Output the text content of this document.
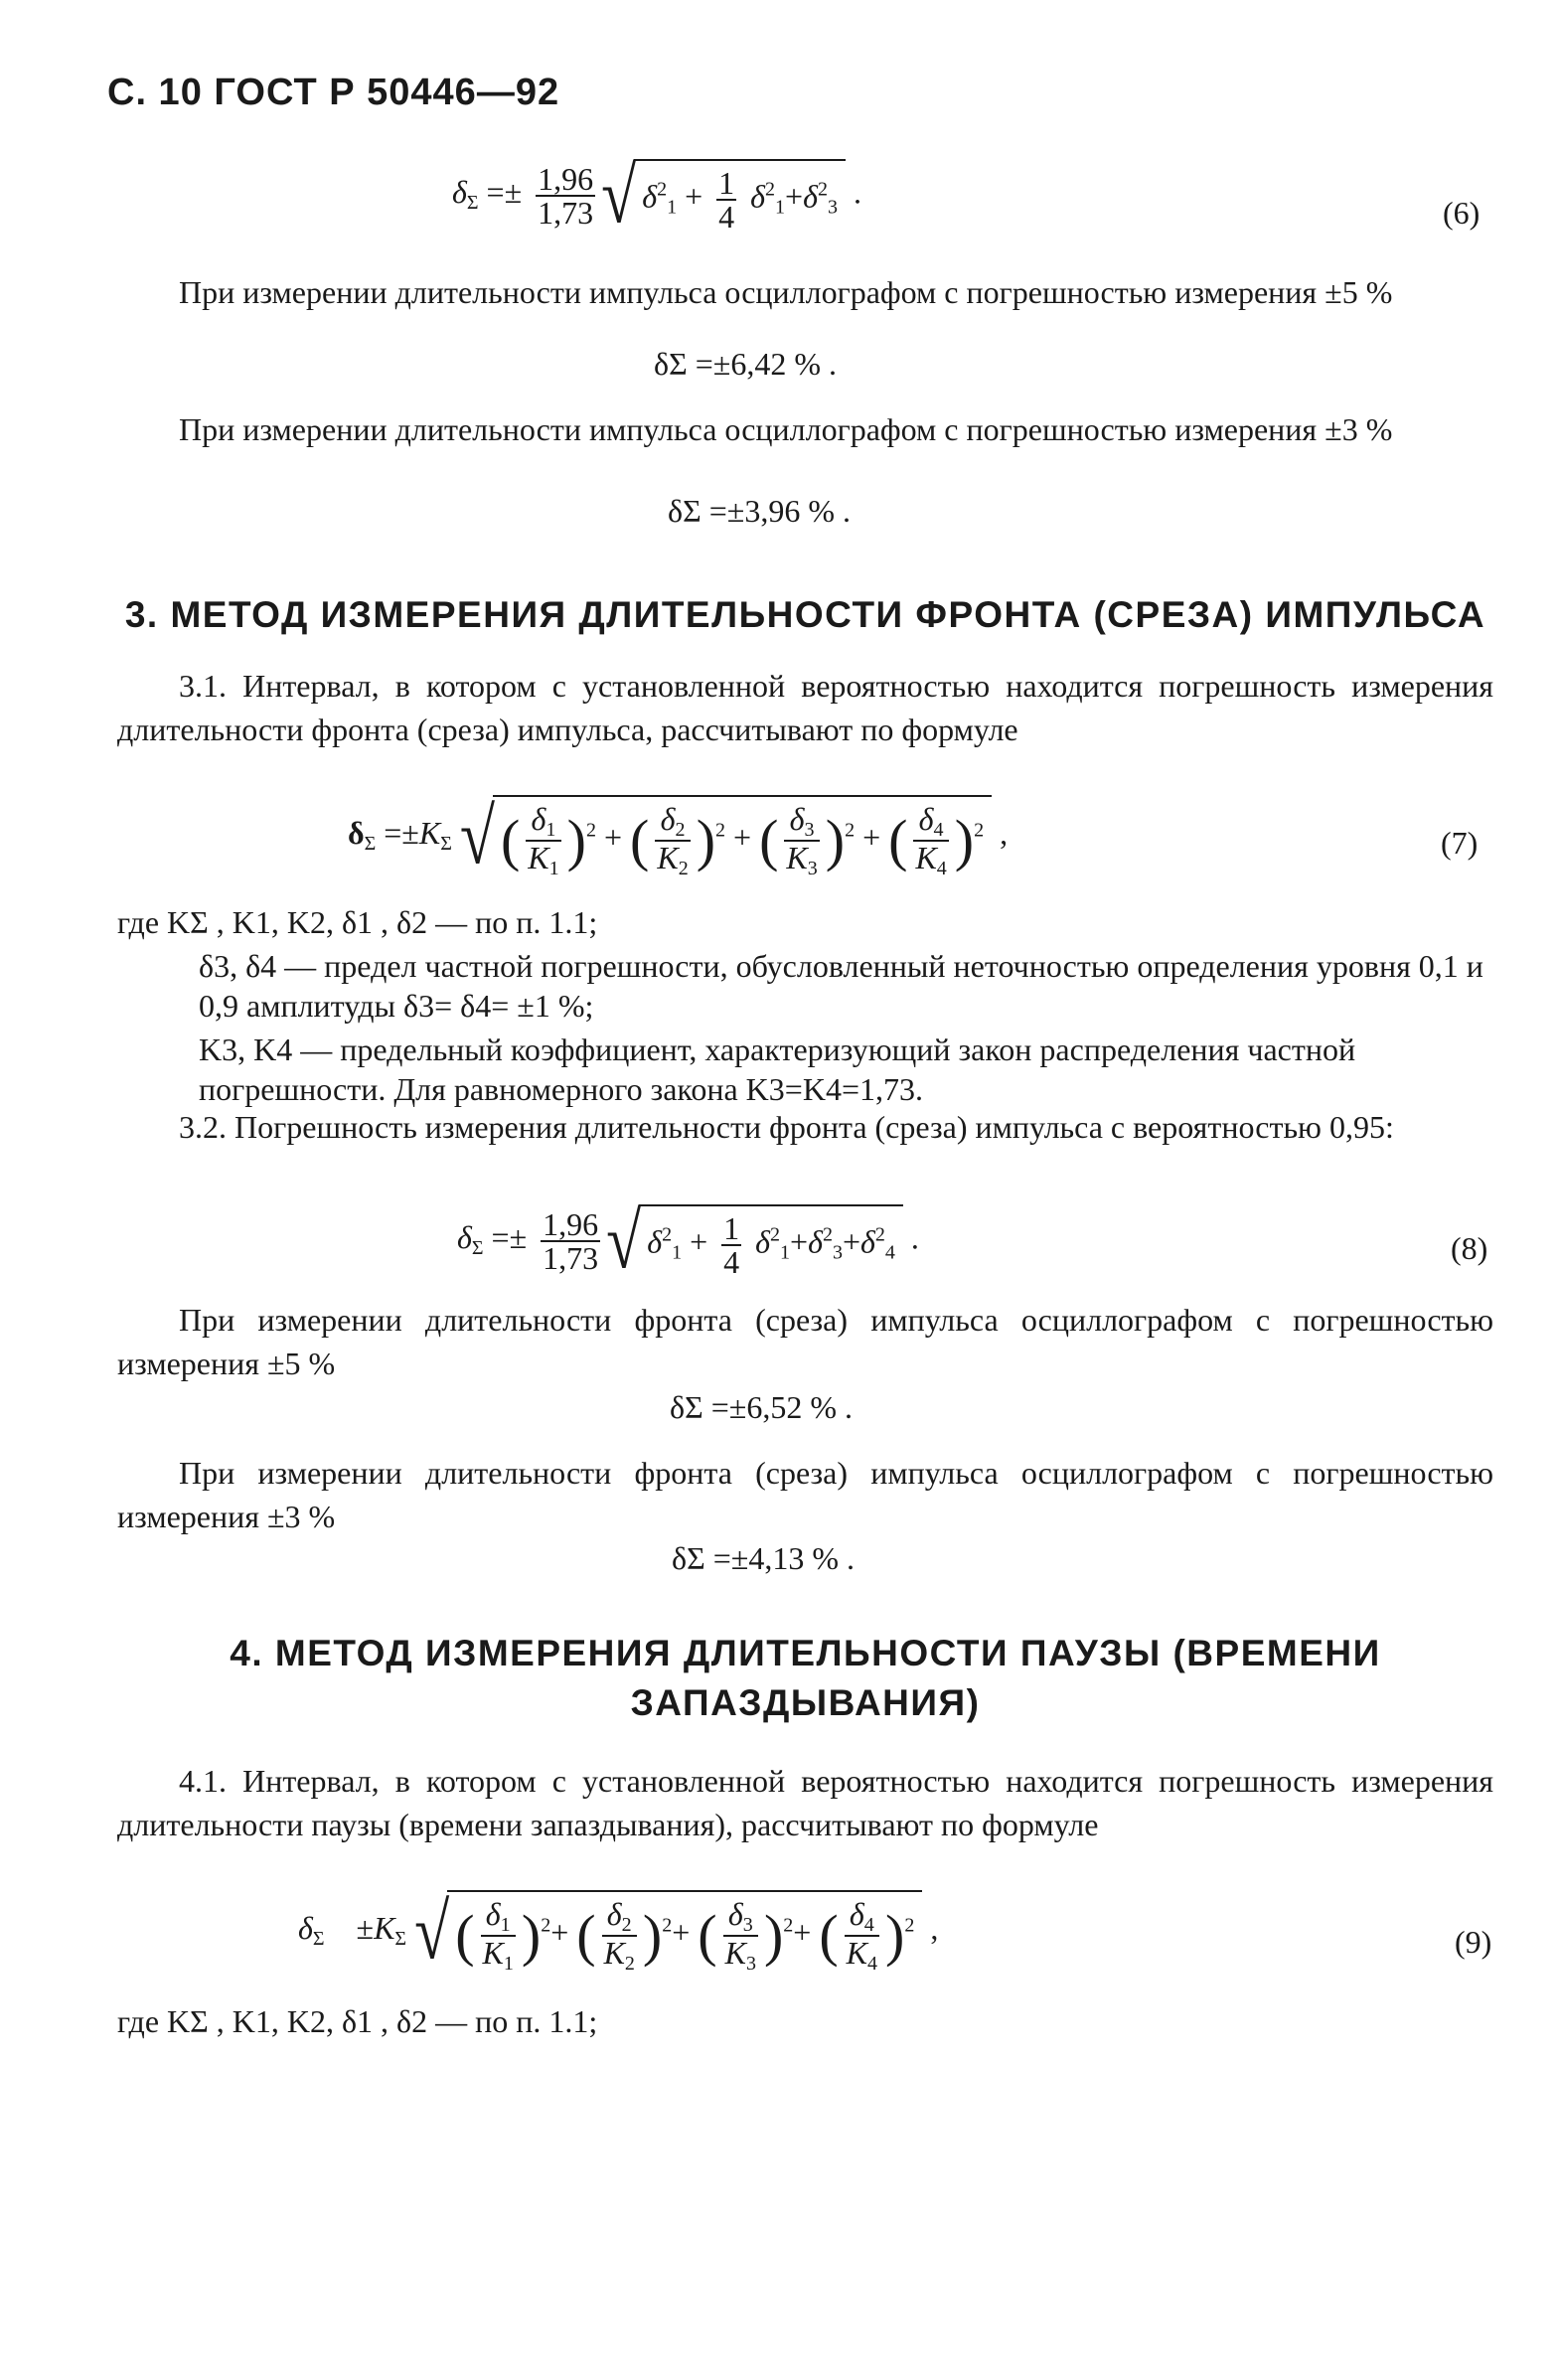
С. 10 ГОСТ Р 50446—92
$\delta_\Sigma =\pm \frac{1,96}{1,73}$ √ $\delta^2_1 + \frac{1}{4} \delta^2_1+\delta^2_3$ .
(6)
При измерении длительности импульса осциллографом с погрешностью измерения ±5 %
δΣ =±6,42 % .
При измерении длительности импульса осциллографом с погрешностью измерения ±3 %
δΣ =±3,96 % .
3. МЕТОД ИЗМЕРЕНИЯ ДЛИТЕЛЬНОСТИ ФРОНТА (СРЕЗА) ИМПУЛЬСА
3.1. Интервал, в котором с установленной вероятностью находится погрешность измерения длительности фронта (среза) импульса, рассчитывают по формуле
$\delta_\Sigma =\pm K_\Sigma$ √ ( $\frac{\delta_1}{K_1} )^2$ + ( $\frac{\delta_2}{K_2} )^2$ + ( $\frac{\delta_3}{K_3} )^2$ + ( $\frac{\delta_4}{K_4} )^2$ ,	(7)
где KΣ , K1, K2, δ1 , δ2 — по п. 1.1;
δ3, δ4 — предел частной погрешности, обусловленный неточностью определения уровня 0,1 и 0,9 амплитуды δ3= δ4= ±1 %;
K3, K4 — предельный коэффициент, характеризующий закон распределения частной погрешности. Для равномерного закона K3=K4=1,73.
3.2. Погрешность измерения длительности фронта (среза) импульса с вероятностью 0,95:
$\delta_\Sigma =\pm \frac{1,96}{1,73}$ √ $\delta^2_1 + \frac{1}{4} \delta^2_1+\delta^2_3+\delta^2_4$ .	(8)
При измерении длительности фронта (среза) импульса осциллографом с погрешностью измерения ±5 %
δΣ =±6,52 % .
При измерении длительности фронта (среза) импульса осциллографом с погрешностью измерения ±3 %
δΣ =±4,13 % .
4. МЕТОД ИЗМЕРЕНИЯ ДЛИТЕЛЬНОСТИ ПАУЗЫ (ВРЕМЕНИ
ЗАПАЗДЫВАНИЯ)
4.1. Интервал, в котором с установленной вероятностью находится погрешность измерения длительности паузы (времени запаздывания), рассчитывают по формуле
$\delta_\Sigma$    $\pm K_\Sigma$ √ ( $\frac{\delta_1}{K_1} )^2+$ ( $\frac{\delta_2}{K_2} )^2+$ ( $\frac{\delta_3}{K_3} )^2+$ ( $\frac{\delta_4}{K_4} )^2$ ,	(9)
где KΣ , K1, K2, δ1 , δ2 — по п. 1.1;
